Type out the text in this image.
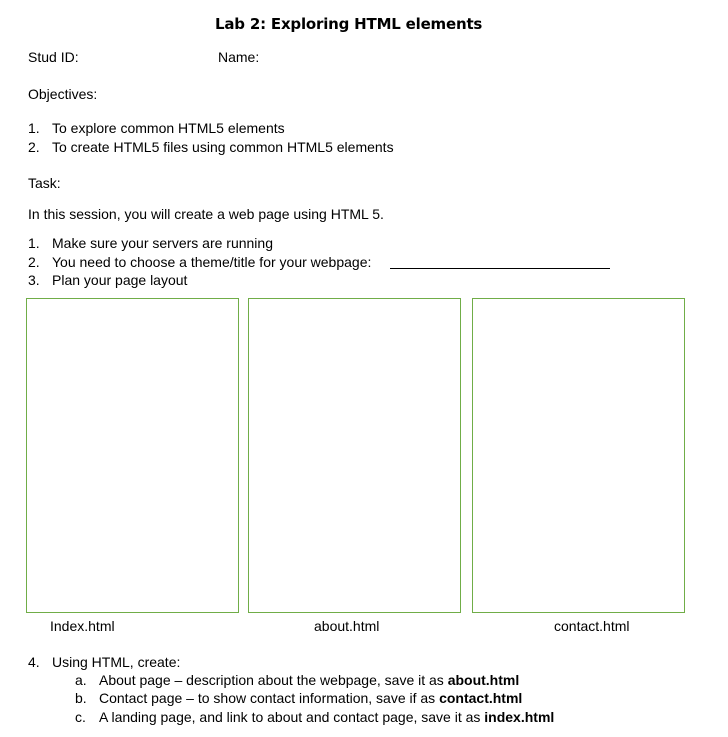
Lab 2: Exploring HTML elements
Stud ID:	Name:
Objectives:
1. To explore common HTML5 elements
2. To create HTML5 files using common HTML5 elements
Task:
In this session, you will create a web page using HTML 5.
1. Make sure your servers are running
2. You need to choose a theme/title for your webpage:
3. Plan your page layout
Index.html	about.html	contact.html
4. Using HTML, create:
a. About page – description about the webpage, save it as about.html
b. Contact page – to show contact information, save if as contact.html
c. A landing page, and link to about and contact page, save it as index.html
